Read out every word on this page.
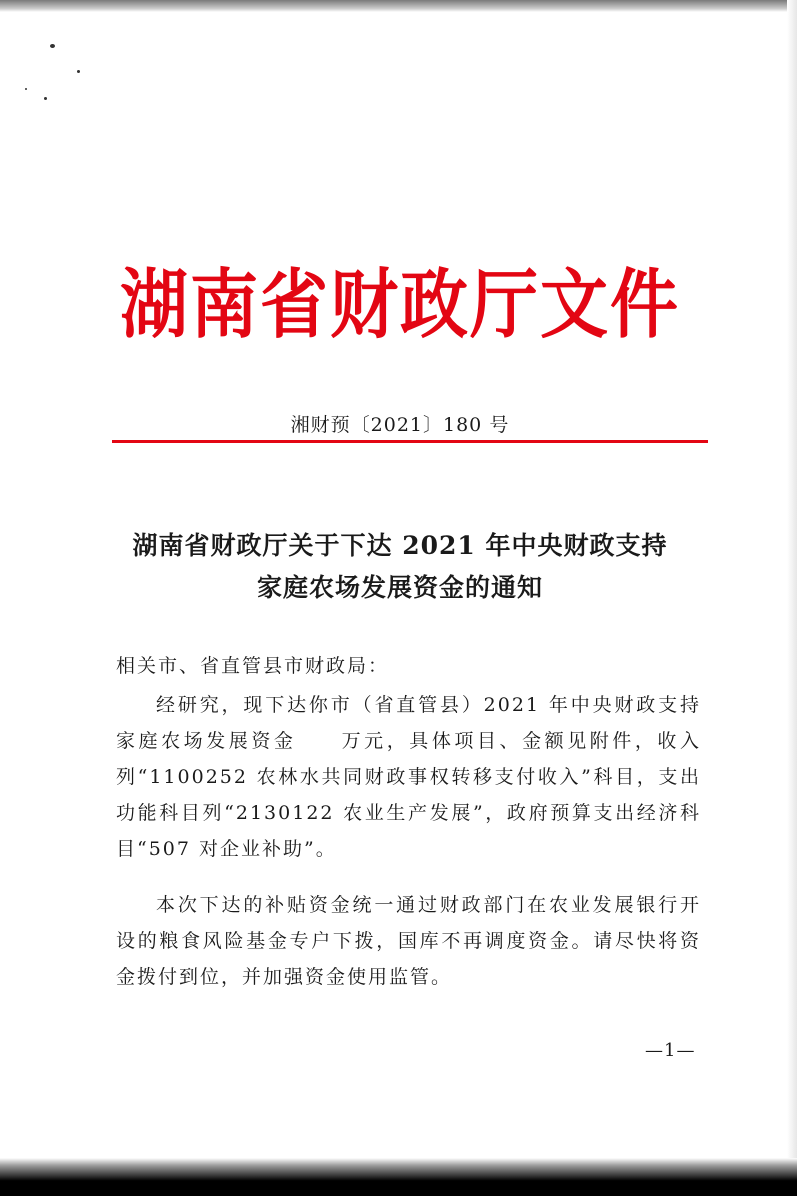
湖南省财政厅文件
湘财预〔2021〕180 号
湖南省财政厅关于下达 2021 年中央财政支持
家庭农场发展资金的通知
相关市、省直管县市财政局：
经研究，现下达你市（省直管县）2021 年中央财政支持家庭农场发展资金　　万元，具体项目、金额见附件，收入列“1100252 农林水共同财政事权转移支付收入”科目，支出功能科目列“2130122 农业生产发展”，政府预算支出经济科目“507 对企业补助”。
本次下达的补贴资金统一通过财政部门在农业发展银行开设的粮食风险基金专户下拨，国库不再调度资金。请尽快将资金拨付到位，并加强资金使用监管。
—1—
